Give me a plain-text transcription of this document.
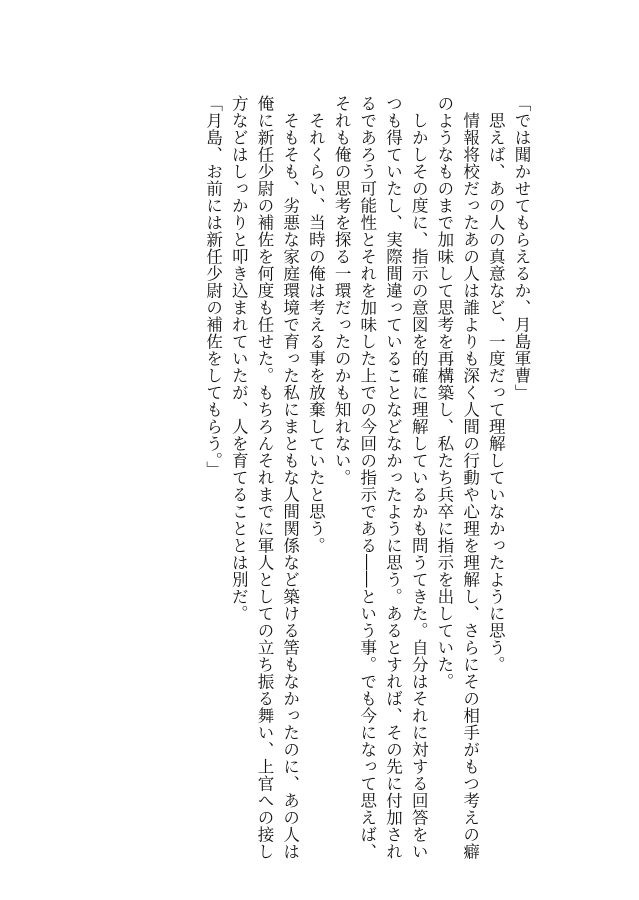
「では聞かせてもらえるか、月島軍曹」
思えば、あの人の真意など、一度だって理解していなかったように思う。
情報将校だったあの人は誰よりも深く人間の行動や心理を理解し、さらにその相手がもつ考えの癖
のようなものまで加味して思考を再構築し、私たち兵卒に指示を出していた。
しかしその度に、指示の意図を的確に理解しているかも問うてきた。自分はそれに対する回答をい
つも得ていたし、実際間違っていることなどなかったように思う。あるとすれば、その先に付加され
るであろう可能性とそれを加味した上での今回の指示である――という事。でも今になって思えば、
それも俺の思考を探る一環だったのかも知れない。
それくらい、当時の俺は考える事を放棄していたと思う。
そもそも、劣悪な家庭環境で育った私にまともな人間関係など築ける筈もなかったのに、あの人は
俺に新任少尉の補佐を何度も任せた。もちろんそれまでに軍人としての立ち振る舞い、上官への接し
方などはしっかりと叩き込まれていたが、人を育てることとは別だ。
「月島、お前には新任少尉の補佐をしてもらう。」
